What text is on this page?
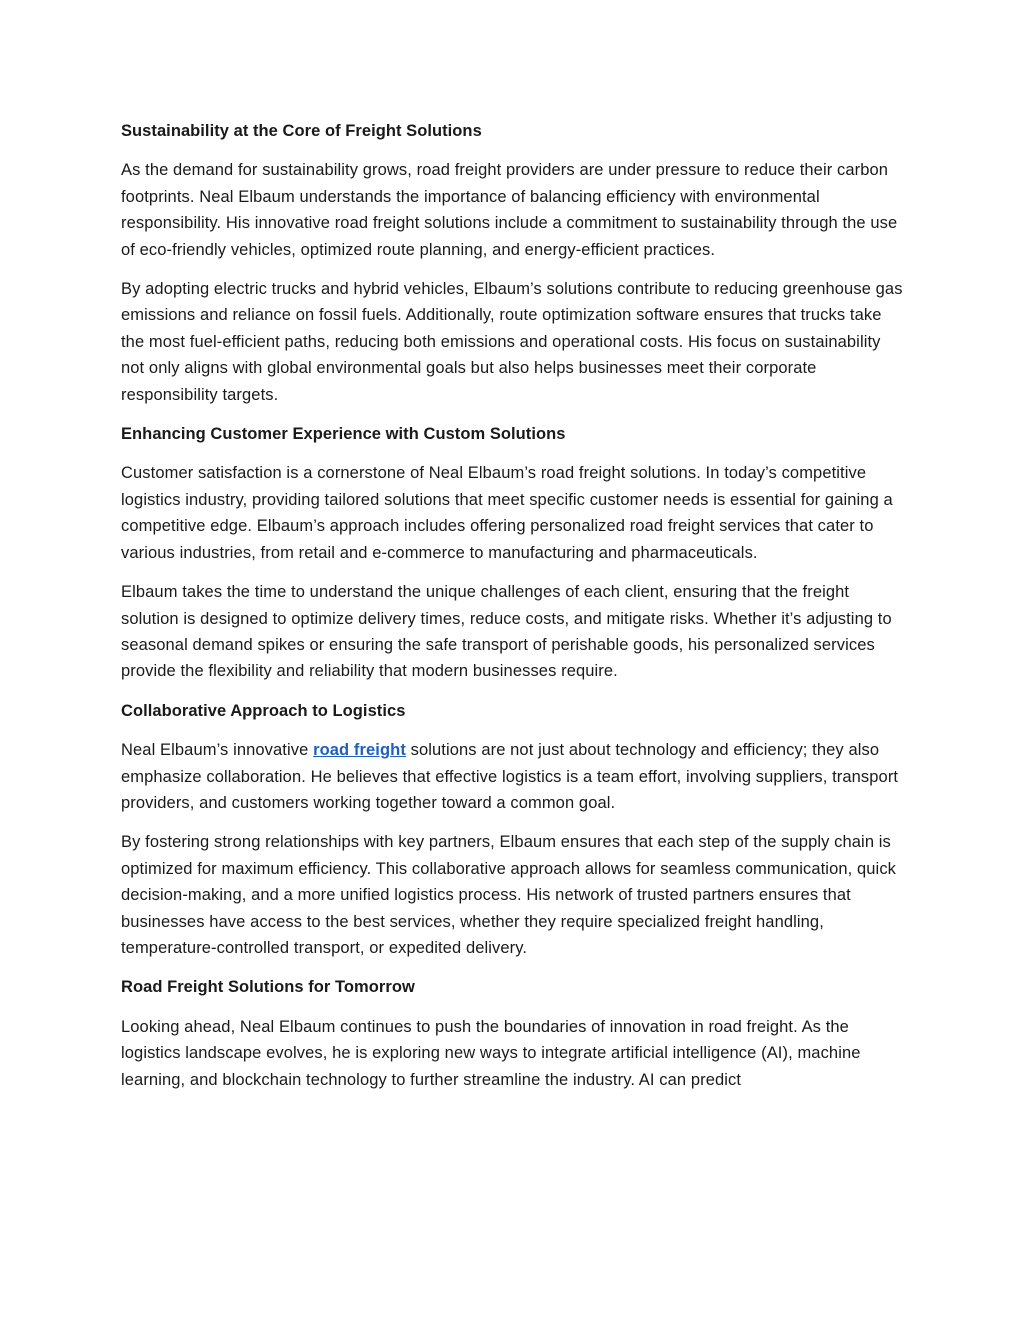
Sustainability at the Core of Freight Solutions
As the demand for sustainability grows, road freight providers are under pressure to reduce their carbon footprints. Neal Elbaum understands the importance of balancing efficiency with environmental responsibility. His innovative road freight solutions include a commitment to sustainability through the use of eco-friendly vehicles, optimized route planning, and energy-efficient practices.
By adopting electric trucks and hybrid vehicles, Elbaum’s solutions contribute to reducing greenhouse gas emissions and reliance on fossil fuels. Additionally, route optimization software ensures that trucks take the most fuel-efficient paths, reducing both emissions and operational costs. His focus on sustainability not only aligns with global environmental goals but also helps businesses meet their corporate responsibility targets.
Enhancing Customer Experience with Custom Solutions
Customer satisfaction is a cornerstone of Neal Elbaum’s road freight solutions. In today’s competitive logistics industry, providing tailored solutions that meet specific customer needs is essential for gaining a competitive edge. Elbaum’s approach includes offering personalized road freight services that cater to various industries, from retail and e-commerce to manufacturing and pharmaceuticals.
Elbaum takes the time to understand the unique challenges of each client, ensuring that the freight solution is designed to optimize delivery times, reduce costs, and mitigate risks. Whether it’s adjusting to seasonal demand spikes or ensuring the safe transport of perishable goods, his personalized services provide the flexibility and reliability that modern businesses require.
Collaborative Approach to Logistics
Neal Elbaum’s innovative road freight solutions are not just about technology and efficiency; they also emphasize collaboration. He believes that effective logistics is a team effort, involving suppliers, transport providers, and customers working together toward a common goal.
By fostering strong relationships with key partners, Elbaum ensures that each step of the supply chain is optimized for maximum efficiency. This collaborative approach allows for seamless communication, quick decision-making, and a more unified logistics process. His network of trusted partners ensures that businesses have access to the best services, whether they require specialized freight handling, temperature-controlled transport, or expedited delivery.
Road Freight Solutions for Tomorrow
Looking ahead, Neal Elbaum continues to push the boundaries of innovation in road freight. As the logistics landscape evolves, he is exploring new ways to integrate artificial intelligence (AI), machine learning, and blockchain technology to further streamline the industry. AI can predict
